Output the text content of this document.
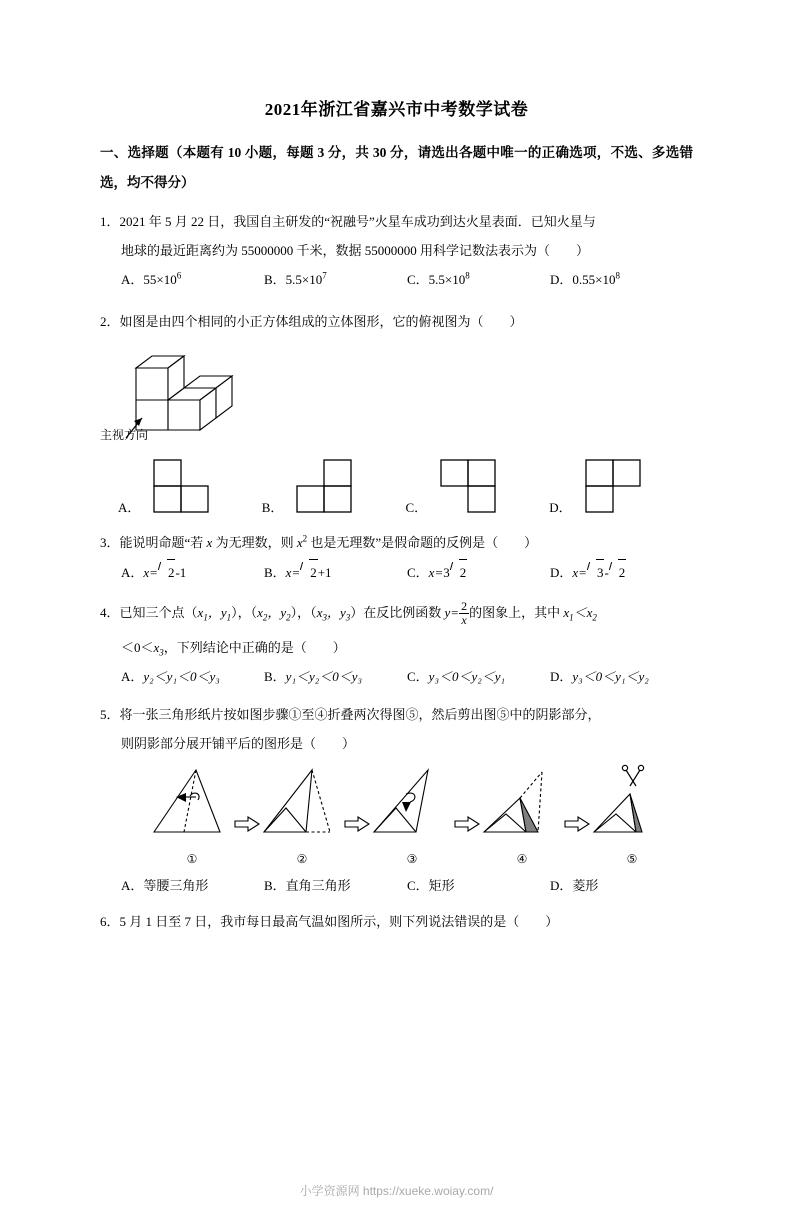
2021年浙江省嘉兴市中考数学试卷
一、选择题（本题有 10 小题，每题 3 分，共 30 分，请选出各题中唯一的正确选项，不选、多选错选，均不得分）
1．2021 年 5 月 22 日，我国自主研发的“祝融号”火星车成功到达火星表面．已知火星与
地球的最近距离约为 55000000 千米，数据 55000000 用科学记数法表示为（　　）
A．$55\times 10^6$	B．$5.5\times 10^7$	C．$5.5\times 10^8$	D．$0.55\times 10^8$
2．如图是由四个相同的小正方体组成的立体图形，它的俯视图为（　　）
主视方向
A．	B．	C．	D．
3．能说明命题“若 x 为无理数，则 $x^2$ 也是无理数”是假命题的反例是（　　）
A．x= 2-1	B．x= 2+1	C．x=3 2	D．x= 3- 2
4．已知三个点（$x_1$，$y_1$），（$x_2$，$y_2$），（$x_3$，$y_3$）在反比例函数 $y= \frac{2}{x}$ 的图象上，其中 $x_1<x_2$
$<0<x_3$，下列结论中正确的是（　　）
A．y₂＜y₁＜0＜y₃	B．y₁＜y₂＜0＜y₃	C．y₃＜0＜y₂＜y₁	D．y₃＜0＜y₁＜y₂
5．将一张三角形纸片按如图步骤①至④折叠两次得图⑤，然后剪出图⑤中的阴影部分，
则阴影部分展开铺平后的图形是（　　）
①	②	③	④	⑤
A．等腰三角形	B．直角三角形	C．矩形	D．菱形
6．5 月 1 日至 7 日，我市每日最高气温如图所示，则下列说法错误的是（　　）
小学资源网 https://xueke.woiay.com/
